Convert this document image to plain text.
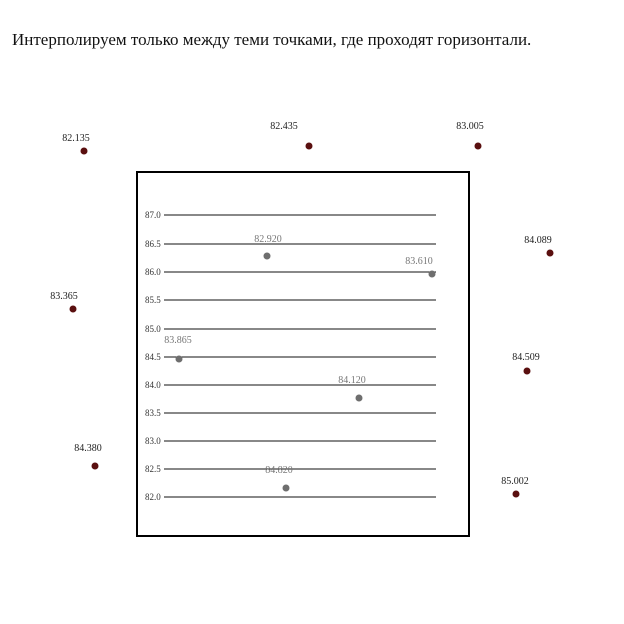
Интерполируем только между теми точками, где проходят горизонтали.
87.0
86.5
86.0
85.5
85.0
84.5
84.0
83.5
83.0
82.5
82.0
82.135
82.435	83.005
84.089
83.365
84.509
84.380
85.002
82.920
83.610
83.865
84.120
84.820
